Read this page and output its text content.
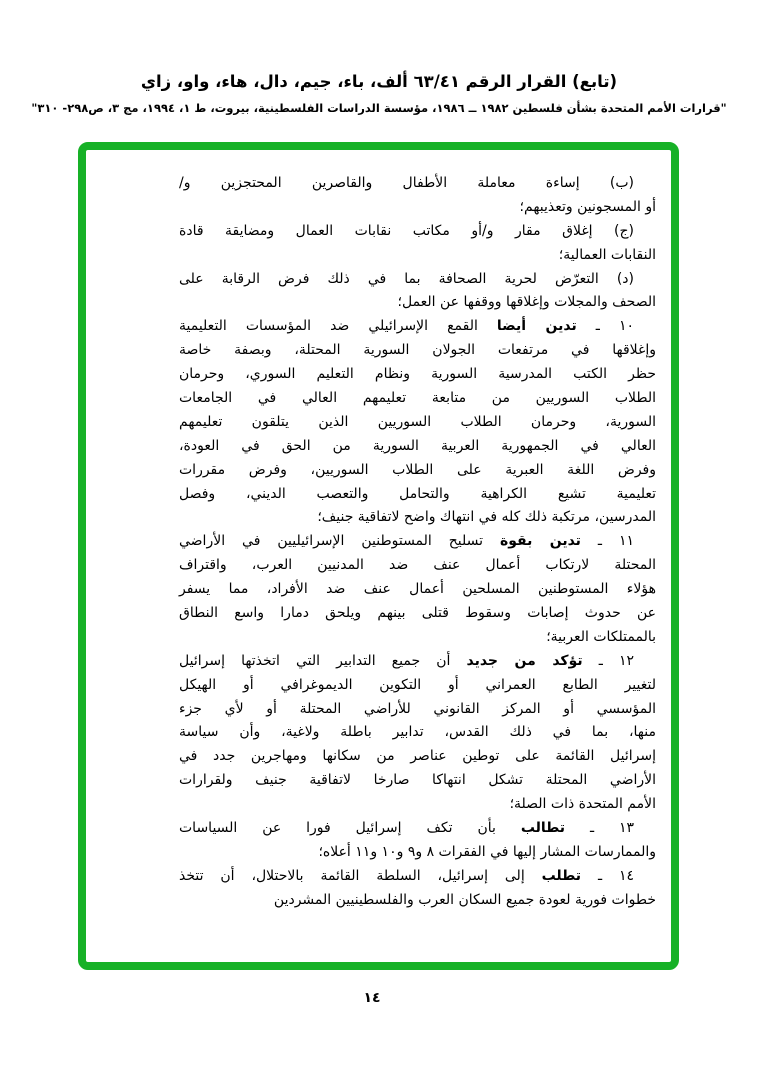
(تابع) القرار الرقم ٦٣/٤١ ألف، باء، جيم، دال، هاء، واو، زاي
"قرارات الأمم المتحدة بشأن فلسطين ١٩٨٢ ــ ١٩٨٦، مؤسسة الدراسات الفلسطينية، بيروت، ط ١، ١٩٩٤، مج ٣، ص٢٩٨- ٣١٠"
(ب) إساءة معاملة الأطفال والقاصرين المحتجزين و/
أو المسجونين وتعذيبهم؛
(ج) إغلاق مقار و/أو مكاتب نقابات العمال ومضايقة قادة
النقابات العمالية؛
(د) التعرّض لحرية الصحافة بما في ذلك فرض الرقابة على
الصحف والمجلات وإغلاقها ووقفها عن العمل؛
١٠ ـ تدين أيضا القمع الإسرائيلي ضد المؤسسات التعليمية
وإغلاقها في مرتفعات الجولان السورية المحتلة، وبصفة خاصة
حظر الكتب المدرسية السورية ونظام التعليم السوري، وحرمان
الطلاب السوريين من متابعة تعليمهم العالي في الجامعات
السورية، وحرمان الطلاب السوريين الذين يتلقون تعليمهم
العالي في الجمهورية العربية السورية من الحق في العودة،
وفرض اللغة العبرية على الطلاب السوريين، وفرض مقررات
تعليمية تشيع الكراهية والتحامل والتعصب الديني، وفصل
المدرسين، مرتكبة ذلك كله في انتهاك واضح لاتفاقية جنيف؛
١١ ـ تدين بقوة تسليح المستوطنين الإسرائيليين في الأراضي
المحتلة لارتكاب أعمال عنف ضد المدنيين العرب، واقتراف
هؤلاء المستوطنين المسلحين أعمال عنف ضد الأفراد، مما يسفر
عن حدوث إصابات وسقوط قتلى بينهم ويلحق دمارا واسع النطاق
بالممتلكات العربية؛
١٢ ـ تؤكد من جديد أن جميع التدابير التي اتخذتها إسرائيل
لتغيير الطابع العمراني أو التكوين الديموغرافي أو الهيكل
المؤسسي أو المركز القانوني للأراضي المحتلة أو لأي جزء
منها، بما في ذلك القدس، تدابير باطلة ولاغية، وأن سياسة
إسرائيل القائمة على توطين عناصر من سكانها ومهاجرين جدد في
الأراضي المحتلة تشكل انتهاكا صارخا لاتفاقية جنيف ولقرارات
الأمم المتحدة ذات الصلة؛
١٣ ـ تطالب بأن تكف إسرائيل فورا عن السياسات
والممارسات المشار إليها في الفقرات ٨ و٩ و١٠ و١١ أعلاه؛
١٤ ـ تطلب إلى إسرائيل، السلطة القائمة بالاحتلال، أن تتخذ
خطوات فورية لعودة جميع السكان العرب والفلسطينيين المشردين
١٤
